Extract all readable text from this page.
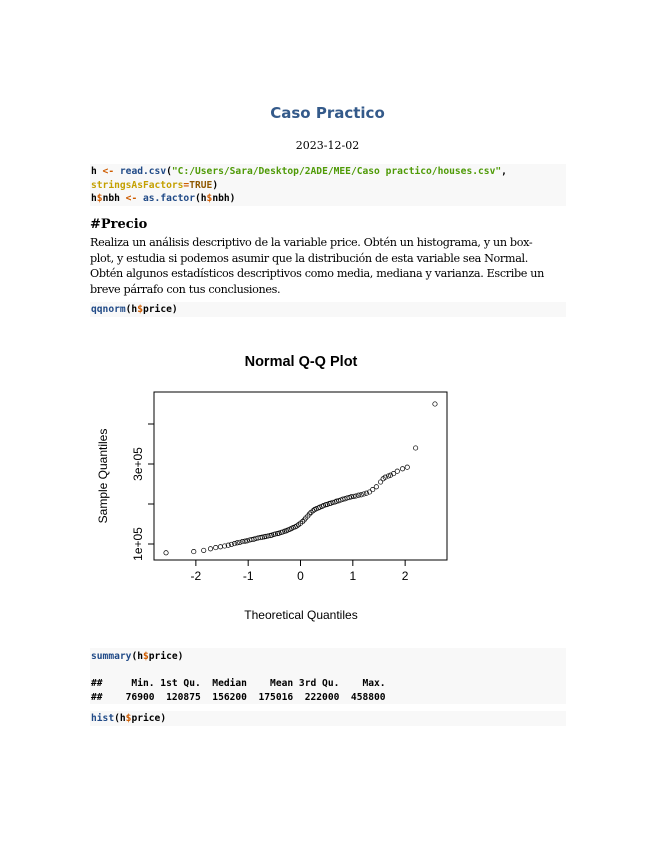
Caso Practico
2023-12-02
h <- read.csv("C:/Users/Sara/Desktop/2ADE/MEE/Caso practico/houses.csv",
stringsAsFactors=TRUE)
h$nbh <- as.factor(h$nbh)
#Precio
Realiza un análisis descriptivo de la variable price. Obtén un histograma, y un box-
plot, y estudia si podemos asumir que la distribución de esta variable sea Normal.
Obtén algunos estadísticos descriptivos como media, mediana y varianza. Escribe un
breve párrafo con tus conclusiones.
qqnorm(h$price)
Normal Q-Q Plot
-2	-1	0	1	2
1e+05
3e+05
Theoretical Quantiles
Sample Quantiles
summary(h$price)

##     Min. 1st Qu.  Median    Mean 3rd Qu.    Max.
##    76900  120875  156200  175016  222000  458800
hist(h$price)
